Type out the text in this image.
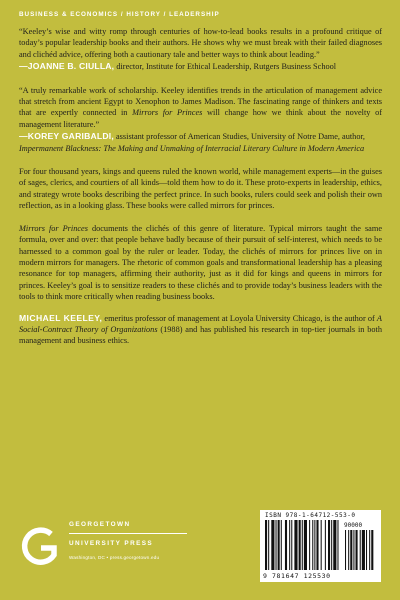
BUSINESS & ECONOMICS / HISTORY / LEADERSHIP

“Keeley’s wise and witty romp through centuries of how-to-lead books results in a profound critique of today’s popular leadership books and their authors. He shows why we must break with their failed diagnoses and clichéd advice, offering both a cautionary tale and better ways to think about leading.”

—JOANNE B. CIULLA, director, Institute for Ethical Leadership, Rutgers Business School

“A truly remarkable work of scholarship. Keeley identifies trends in the articulation of management advice that stretch from ancient Egypt to Xenophon to James Madison. The fascinating range of thinkers and texts that are expertly connected in Mirrors for Princes will change how we think about the novelty of management literature.”

—KOREY GARIBALDI, assistant professor of American Studies, University of Notre Dame, author, Impermanent Blackness: The Making and Unmaking of Interracial Literary Culture in Modern America

For four thousand years, kings and queens ruled the known world, while management experts—in the guises of sages, clerics, and courtiers of all kinds—told them how to do it. These proto-experts in leadership, ethics, and strategy wrote books describing the perfect prince. In such books, rulers could seek and polish their own reflection, as in a looking glass. These books were called mirrors for princes.

Mirrors for Princes documents the clichés of this genre of literature. Typical mirrors taught the same formula, over and over: that people behave badly because of their pursuit of self-interest, which needs to be harnessed to a common goal by the ruler or leader. Today, the clichés of mirrors for princes live on in modern mirrors for managers. The rhetoric of common goals and transformational leadership has a pleasing resonance for top managers, affirming their authority, just as it did for kings and queens in mirrors for princes. Keeley’s goal is to sensitize readers to these clichés and to provide today’s business leaders with the tools to think more critically when reading business books.

MICHAEL KEELEY, emeritus professor of management at Loyola University Chicago, is the author of A Social-Contract Theory of Organizations (1988) and has published his research in top-tier journals in both management and business ethics.

GEORGETOWN
UNIVERSITY PRESS
Washington, DC • press.georgetown.edu
ISBN 978-1-64712-553-0
90000
9 781647 125530
